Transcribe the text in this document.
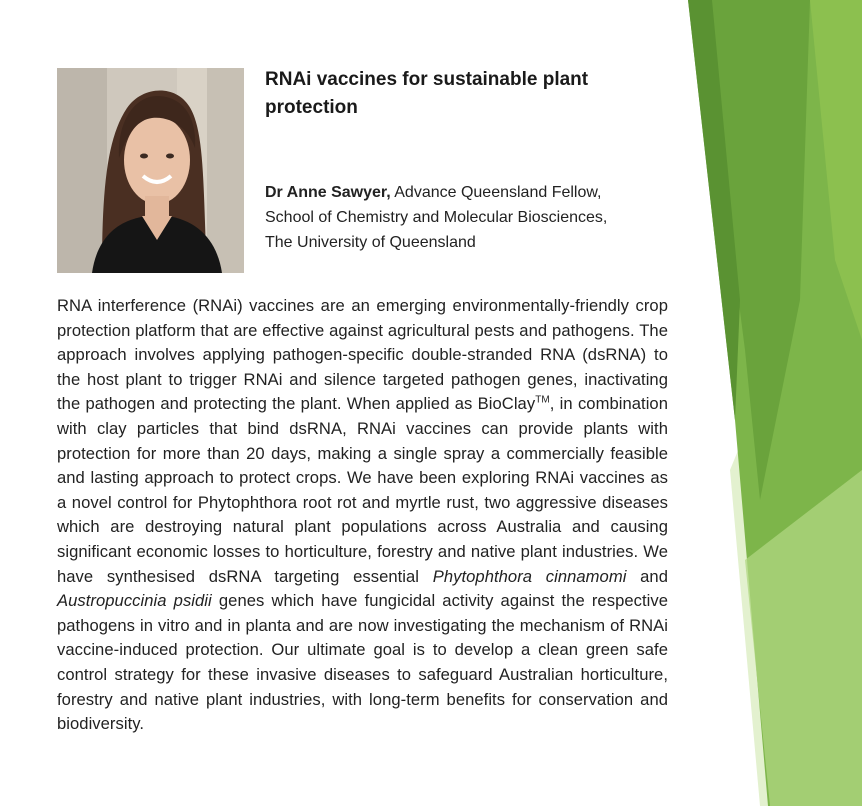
RNAi vaccines for sustainable plant protection
Dr Anne Sawyer, Advance Queensland Fellow,
School of Chemistry and Molecular Biosciences,
The University of Queensland

RNA interference (RNAi) vaccines are an emerging environmentally-friendly crop protection platform that are effective against agricultural pests and pathogens. The approach involves applying pathogen-specific double-stranded RNA (dsRNA) to the host plant to trigger RNAi and silence targeted pathogen genes, inactivating the pathogen and protecting the plant. When applied as BioClay™, in combination with clay particles that bind dsRNA, RNAi vaccines can provide plants with protection for more than 20 days, making a single spray a commercially feasible and lasting approach to protect crops. We have been exploring RNAi vaccines as a novel control for Phytophthora root rot and myrtle rust, two aggressive diseases which are destroying natural plant populations across Australia and causing significant economic losses to horticulture, forestry and native plant industries. We have synthesised dsRNA targeting essential Phytophthora cinnamomi and Austropuccinia psidii genes which have fungicidal activity against the respective pathogens in vitro and in planta and are now investigating the mechanism of RNAi vaccine-induced protection. Our ultimate goal is to develop a clean green safe control strategy for these invasive diseases to safeguard Australian horticulture, forestry and native plant industries, with long-term benefits for conservation and biodiversity.
